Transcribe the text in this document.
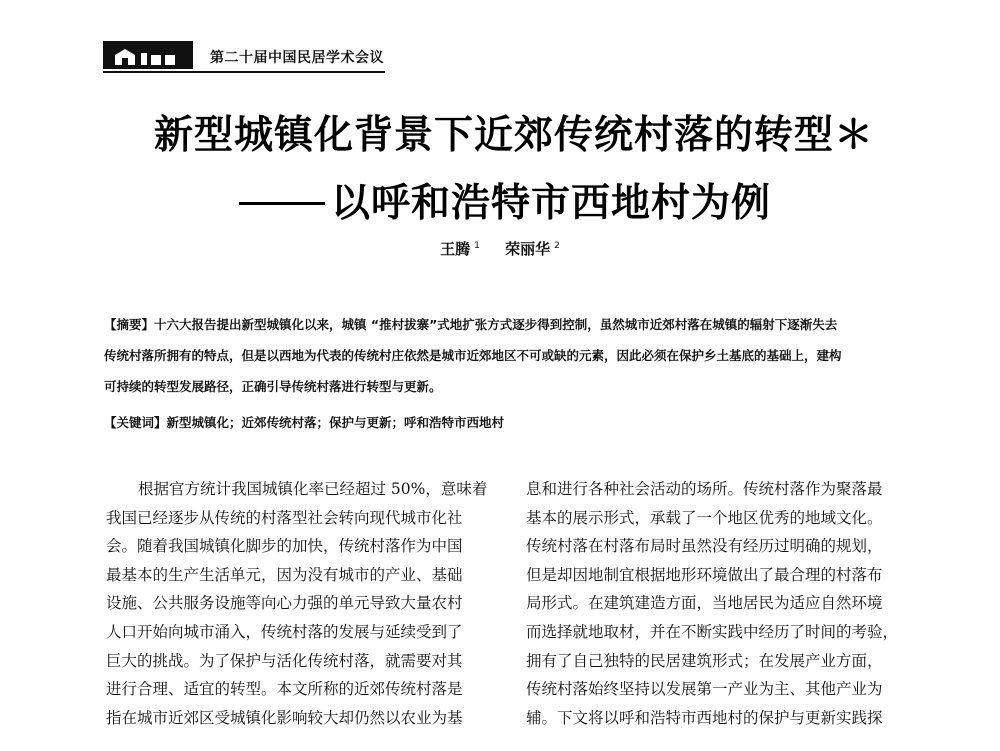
第二十届中国民居学术会议
新型城镇化背景下近郊传统村落的转型＊
以呼和浩特市西地村为例
王腾 $^1$ 荣丽华 $^2$
【摘要】十六大报告提出新型城镇化以来，城镇 “推村拔寨”式地扩张方式逐步得到控制，虽然城市近郊村落在城镇的辐射下逐渐失去
传统村落所拥有的特点，但是以西地为代表的传统村庄依然是城市近郊地区不可或缺的元素，因此必须在保护乡土基底的基础上，建构
可持续的转型发展路径，正确引导传统村落进行转型与更新。
【关键词】新型城镇化；近郊传统村落；保护与更新；呼和浩特市西地村
根据官方统计我国城镇化率已经超过 50%，意味着
我国已经逐步从传统的村落型社会转向现代城市化社
会。随着我国城镇化脚步的加快，传统村落作为中国
最基本的生产生活单元，因为没有城市的产业、基础
设施、公共服务设施等向心力强的单元导致大量农村
人口开始向城市涌入，传统村落的发展与延续受到了
巨大的挑战。为了保护与活化传统村落，就需要对其
进行合理、适宜的转型。本文所称的近郊传统村落是
指在城市近郊区受城镇化影响较大却仍然以农业为基
息和进行各种社会活动的场所。传统村落作为聚落最
基本的展示形式，承载了一个地区优秀的地域文化。
传统村落在村落布局时虽然没有经历过明确的规划，
但是却因地制宜根据地形环境做出了最合理的村落布
局形式。在建筑建造方面，当地居民为适应自然环境
而选择就地取材，并在不断实践中经历了时间的考验，
拥有了自己独特的民居建筑形式；在发展产业方面，
传统村落始终坚持以发展第一产业为主、其他产业为
辅。下文将以呼和浩特市西地村的保护与更新实践探
